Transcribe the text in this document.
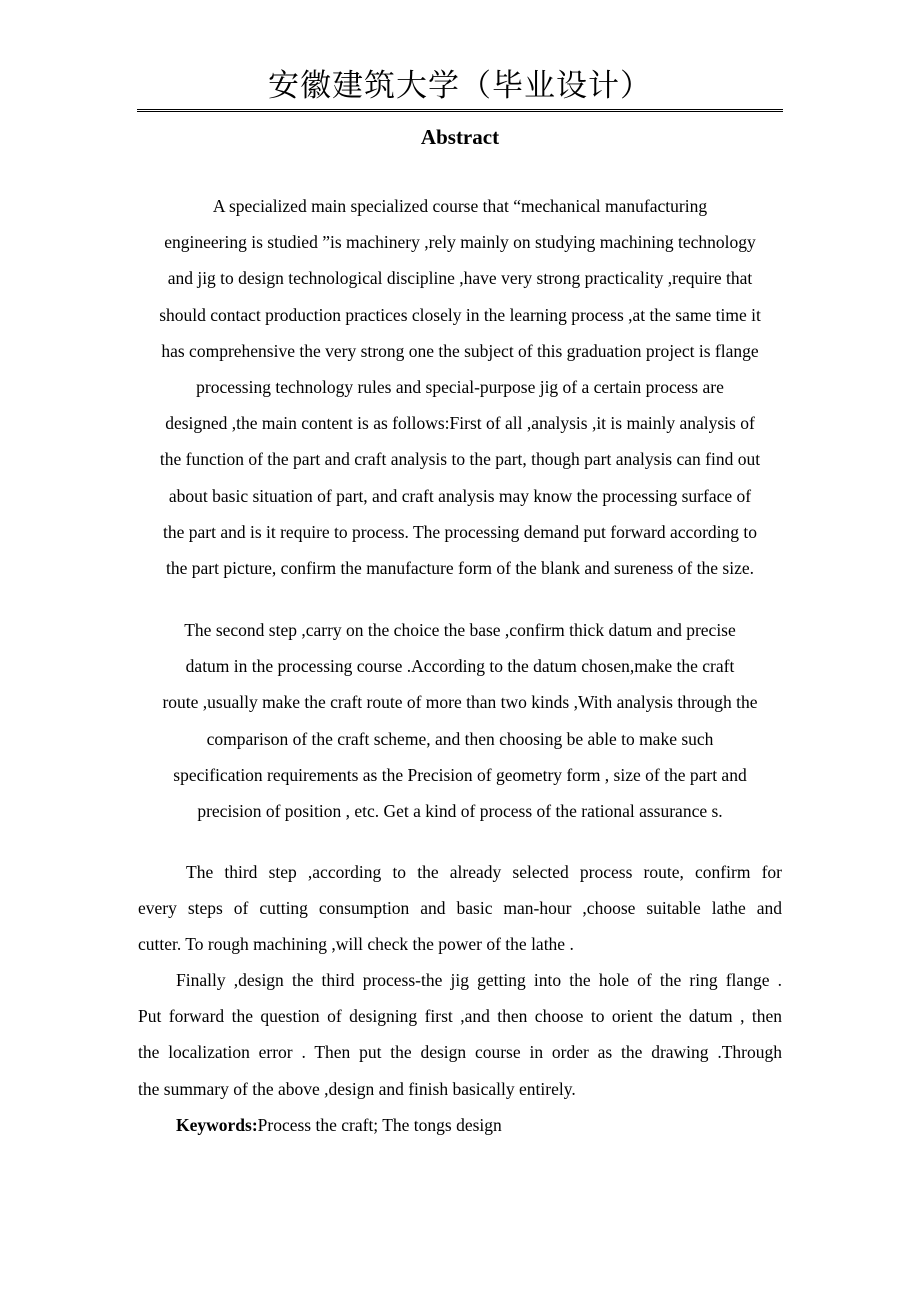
安徽建筑大学（毕业设计）
Abstract
A specialized main specialized course that “mechanical manufacturing
engineering is studied ”is machinery ,rely mainly on studying machining technology
and jig to design technological discipline ,have very strong practicality ,require that
should contact production practices closely in the learning process ,at the same time it
has comprehensive the very strong one the subject of this graduation project is flange
processing technology rules and special-purpose jig of a certain process are
designed ,the main content is as follows:First of all ,analysis ,it is mainly analysis of
the function of the part and craft analysis to the part, though part analysis can find out
about basic situation of part, and craft analysis may know the processing surface of
the part and is it require to process. The processing demand put forward according to
the part picture, confirm the manufacture form of the blank and sureness of the size.
The second step ,carry on the choice the base ,confirm thick datum and precise
datum in the processing course .According to the datum chosen,make the craft
route ,usually make the craft route of more than two kinds ,With analysis through the
comparison of the craft scheme, and then choosing be able to make such
specification requirements as the Precision of geometry form , size of the part and
precision of position , etc. Get a kind of process of the rational assurance s.
The third step ,according to the already selected process route, confirm for
every steps of cutting consumption and basic man-hour ,choose suitable lathe and
cutter. To rough machining ,will check the power of the lathe .
Finally ,design the third process-the jig getting into the hole of the ring flange .
Put forward the question of designing first ,and then choose to orient the datum , then
the localization error . Then put the design course in order as the drawing .Through
the summary of the above ,design and finish basically entirely.
Keywords:Process the craft; The tongs design
